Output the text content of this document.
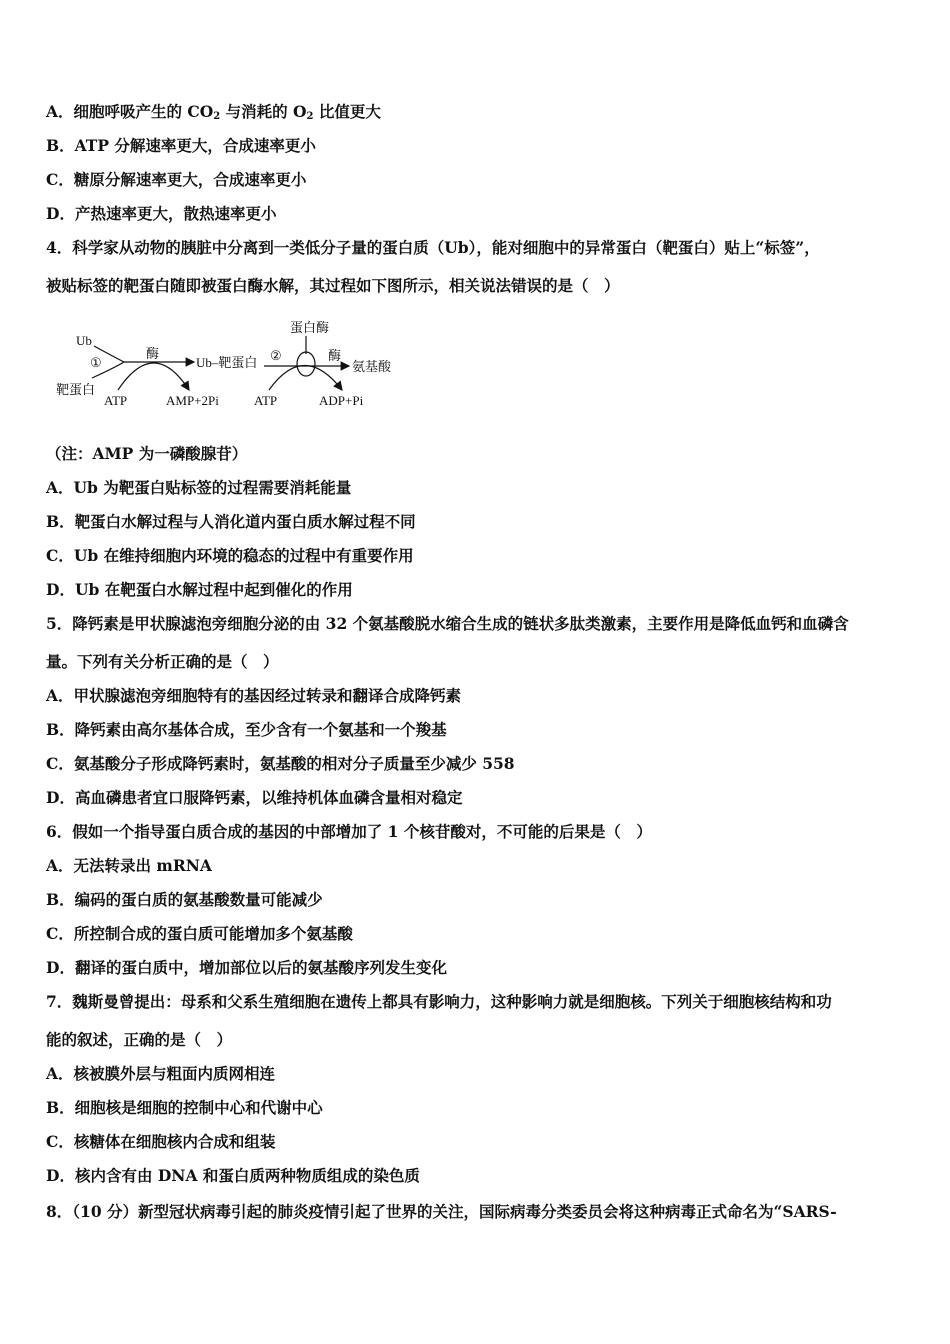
A．细胞呼吸产生的 $CO_2$ 与消耗的 $O_2$ 比值更大
B．ATP 分解速率更大，合成速率更小
C．糖原分解速率更大，合成速率更小
D．产热速率更大，散热速率更小
4．科学家从动物的胰脏中分离到一类低分子量的蛋白质（Ub），能对细胞中的异常蛋白（靶蛋白）贴上“标签”，
被贴标签的靶蛋白随即被蛋白酶水解，其过程如下图所示，相关说法错误的是（　）
Ub
①
靶蛋白
酶
ATP	AMP+2Pi
Ub–靶蛋白 ②
蛋白酶
酶
氨基酸
ATP	ADP+Pi
（注：AMP 为一磷酸腺苷）
A．Ub 为靶蛋白贴标签的过程需要消耗能量
B．靶蛋白水解过程与人消化道内蛋白质水解过程不同
C．Ub 在维持细胞内环境的稳态的过程中有重要作用
D．Ub 在靶蛋白水解过程中起到催化的作用
5．降钙素是甲状腺滤泡旁细胞分泌的由 32 个氨基酸脱水缩合生成的链状多肽类激素，主要作用是降低血钙和血磷含
量。下列有关分析正确的是（　）
A．甲状腺滤泡旁细胞特有的基因经过转录和翻译合成降钙素
B．降钙素由高尔基体合成，至少含有一个氨基和一个羧基
C．氨基酸分子形成降钙素时，氨基酸的相对分子质量至少减少 558
D．高血磷患者宜口服降钙素，以维持机体血磷含量相对稳定
6．假如一个指导蛋白质合成的基因的中部增加了 1 个核苷酸对，不可能的后果是（　）
A．无法转录出 mRNA
B．编码的蛋白质的氨基酸数量可能减少
C．所控制合成的蛋白质可能增加多个氨基酸
D．翻译的蛋白质中，增加部位以后的氨基酸序列发生变化
7．魏斯曼曾提出：母系和父系生殖细胞在遗传上都具有影响力，这种影响力就是细胞核。下列关于细胞核结构和功
能的叙述，正确的是（　）
A．核被膜外层与粗面内质网相连
B．细胞核是细胞的控制中心和代谢中心
C．核糖体在细胞核内合成和组装
D．核内含有由 DNA 和蛋白质两种物质组成的染色质
8．（10 分）新型冠状病毒引起的肺炎疫情引起了世界的关注，国际病毒分类委员会将这种病毒正式命名为“SARS-
